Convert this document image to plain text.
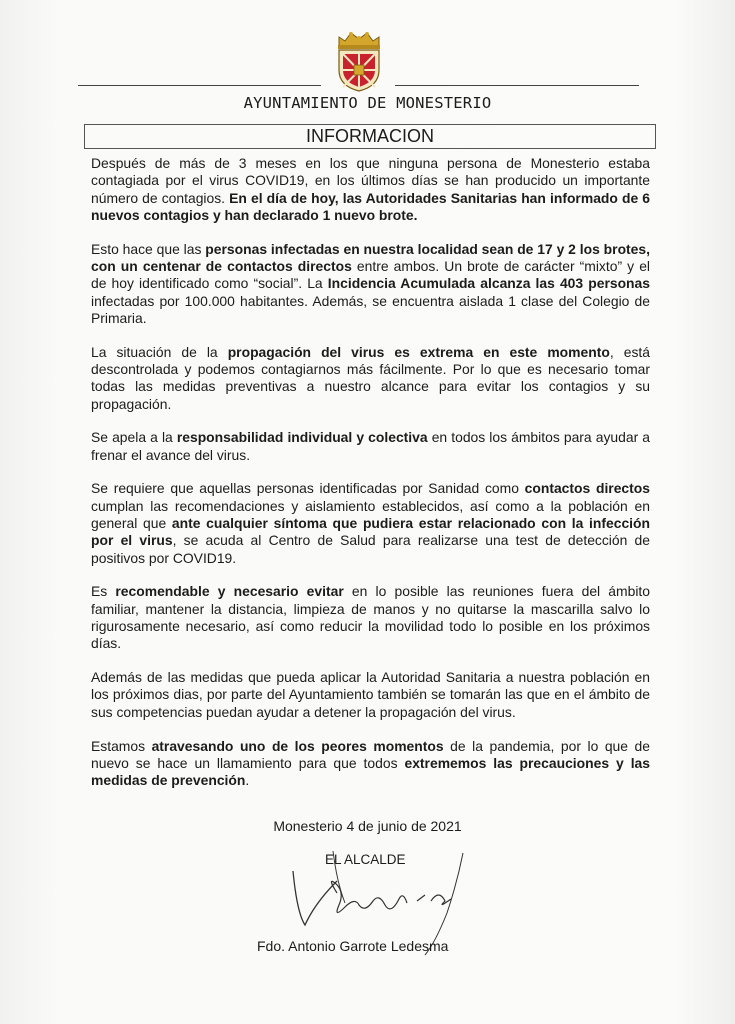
AYUNTAMIENTO DE MONESTERIO
INFORMACION

Después de más de 3 meses en los que ninguna persona de Monesterio estaba contagiada por el virus COVID19, en los últimos días se han producido un importante número de contagios. En el día de hoy, las Autoridades Sanitarias han informado de 6 nuevos contagios y han declarado 1 nuevo brote.

Esto hace que las personas infectadas en nuestra localidad sean de 17 y 2 los brotes, con un centenar de contactos directos entre ambos. Un brote de carácter “mixto” y el de hoy identificado como “social”. La Incidencia Acumulada alcanza las 403 personas infectadas por 100.000 habitantes. Además, se encuentra aislada 1 clase del Colegio de Primaria.

La situación de la propagación del virus es extrema en este momento, está descontrolada y podemos contagiarnos más fácilmente. Por lo que es necesario tomar todas las medidas preventivas a nuestro alcance para evitar los contagios y su propagación.

Se apela a la responsabilidad individual y colectiva en todos los ámbitos para ayudar a frenar el avance del virus.

Se requiere que aquellas personas identificadas por Sanidad como contactos directos cumplan las recomendaciones y aislamiento establecidos, así como a la población en general que ante cualquier síntoma que pudiera estar relacionado con la infección por el virus, se acuda al Centro de Salud para realizarse una test de detección de positivos por COVID19.

Es recomendable y necesario evitar en lo posible las reuniones fuera del ámbito familiar, mantener la distancia, limpieza de manos y no quitarse la mascarilla salvo lo rigurosamente necesario, así como reducir la movilidad todo lo posible en los próximos días.

Además de las medidas que pueda aplicar la Autoridad Sanitaria a nuestra población en los próximos dias, por parte del Ayuntamiento también se tomarán las que en el ámbito de sus competencias puedan ayudar a detener la propagación del virus.

Estamos atravesando uno de los peores momentos de la pandemia, por lo que de nuevo se hace un llamamiento para que todos extrememos las precauciones y las medidas de prevención.

Monesterio 4 de junio de 2021
EL ALCALDE
Fdo. Antonio Garrote Ledesma
